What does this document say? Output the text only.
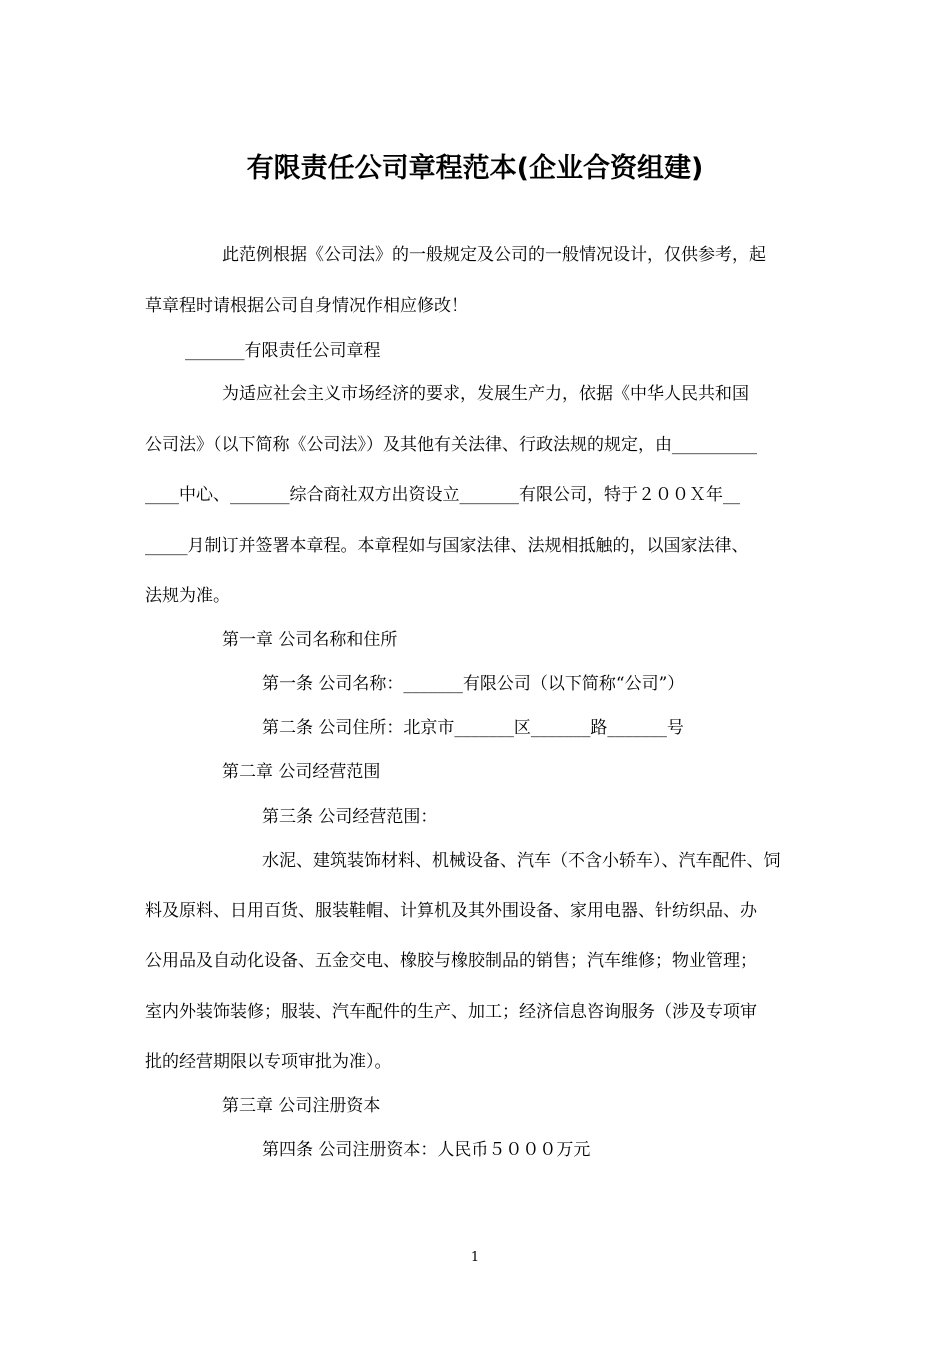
有限责任公司章程范本(企业合资组建)
此范例根据《公司法》的一般规定及公司的一般情况设计，仅供参考，起
草章程时请根据公司自身情况作相应修改！
_______有限责任公司章程
为适应社会主义市场经济的要求，发展生产力，依据《中华人民共和国
公司法》（以下简称《公司法》）及其他有关法律、行政法规的规定，由__________
____中心、_______综合商社双方出资设立_______有限公司，特于２００Ｘ年__
_____月制订并签署本章程。本章程如与国家法律、法规相抵触的，以国家法律、
法规为准。
第一章 公司名称和住所
第一条 公司名称：_______有限公司（以下简称“公司”）
第二条 公司住所：北京市_______区_______路_______号
第二章 公司经营范围
第三条 公司经营范围：
水泥、建筑装饰材料、机械设备、汽车（不含小轿车）、汽车配件、饲
料及原料、日用百货、服装鞋帽、计算机及其外围设备、家用电器、针纺织品、办
公用品及自动化设备、五金交电、橡胶与橡胶制品的销售；汽车维修；物业管理；
室内外装饰装修；服装、汽车配件的生产、加工；经济信息咨询服务（涉及专项审
批的经营期限以专项审批为准）。
第三章 公司注册资本
第四条 公司注册资本：人民币５０００万元
1
